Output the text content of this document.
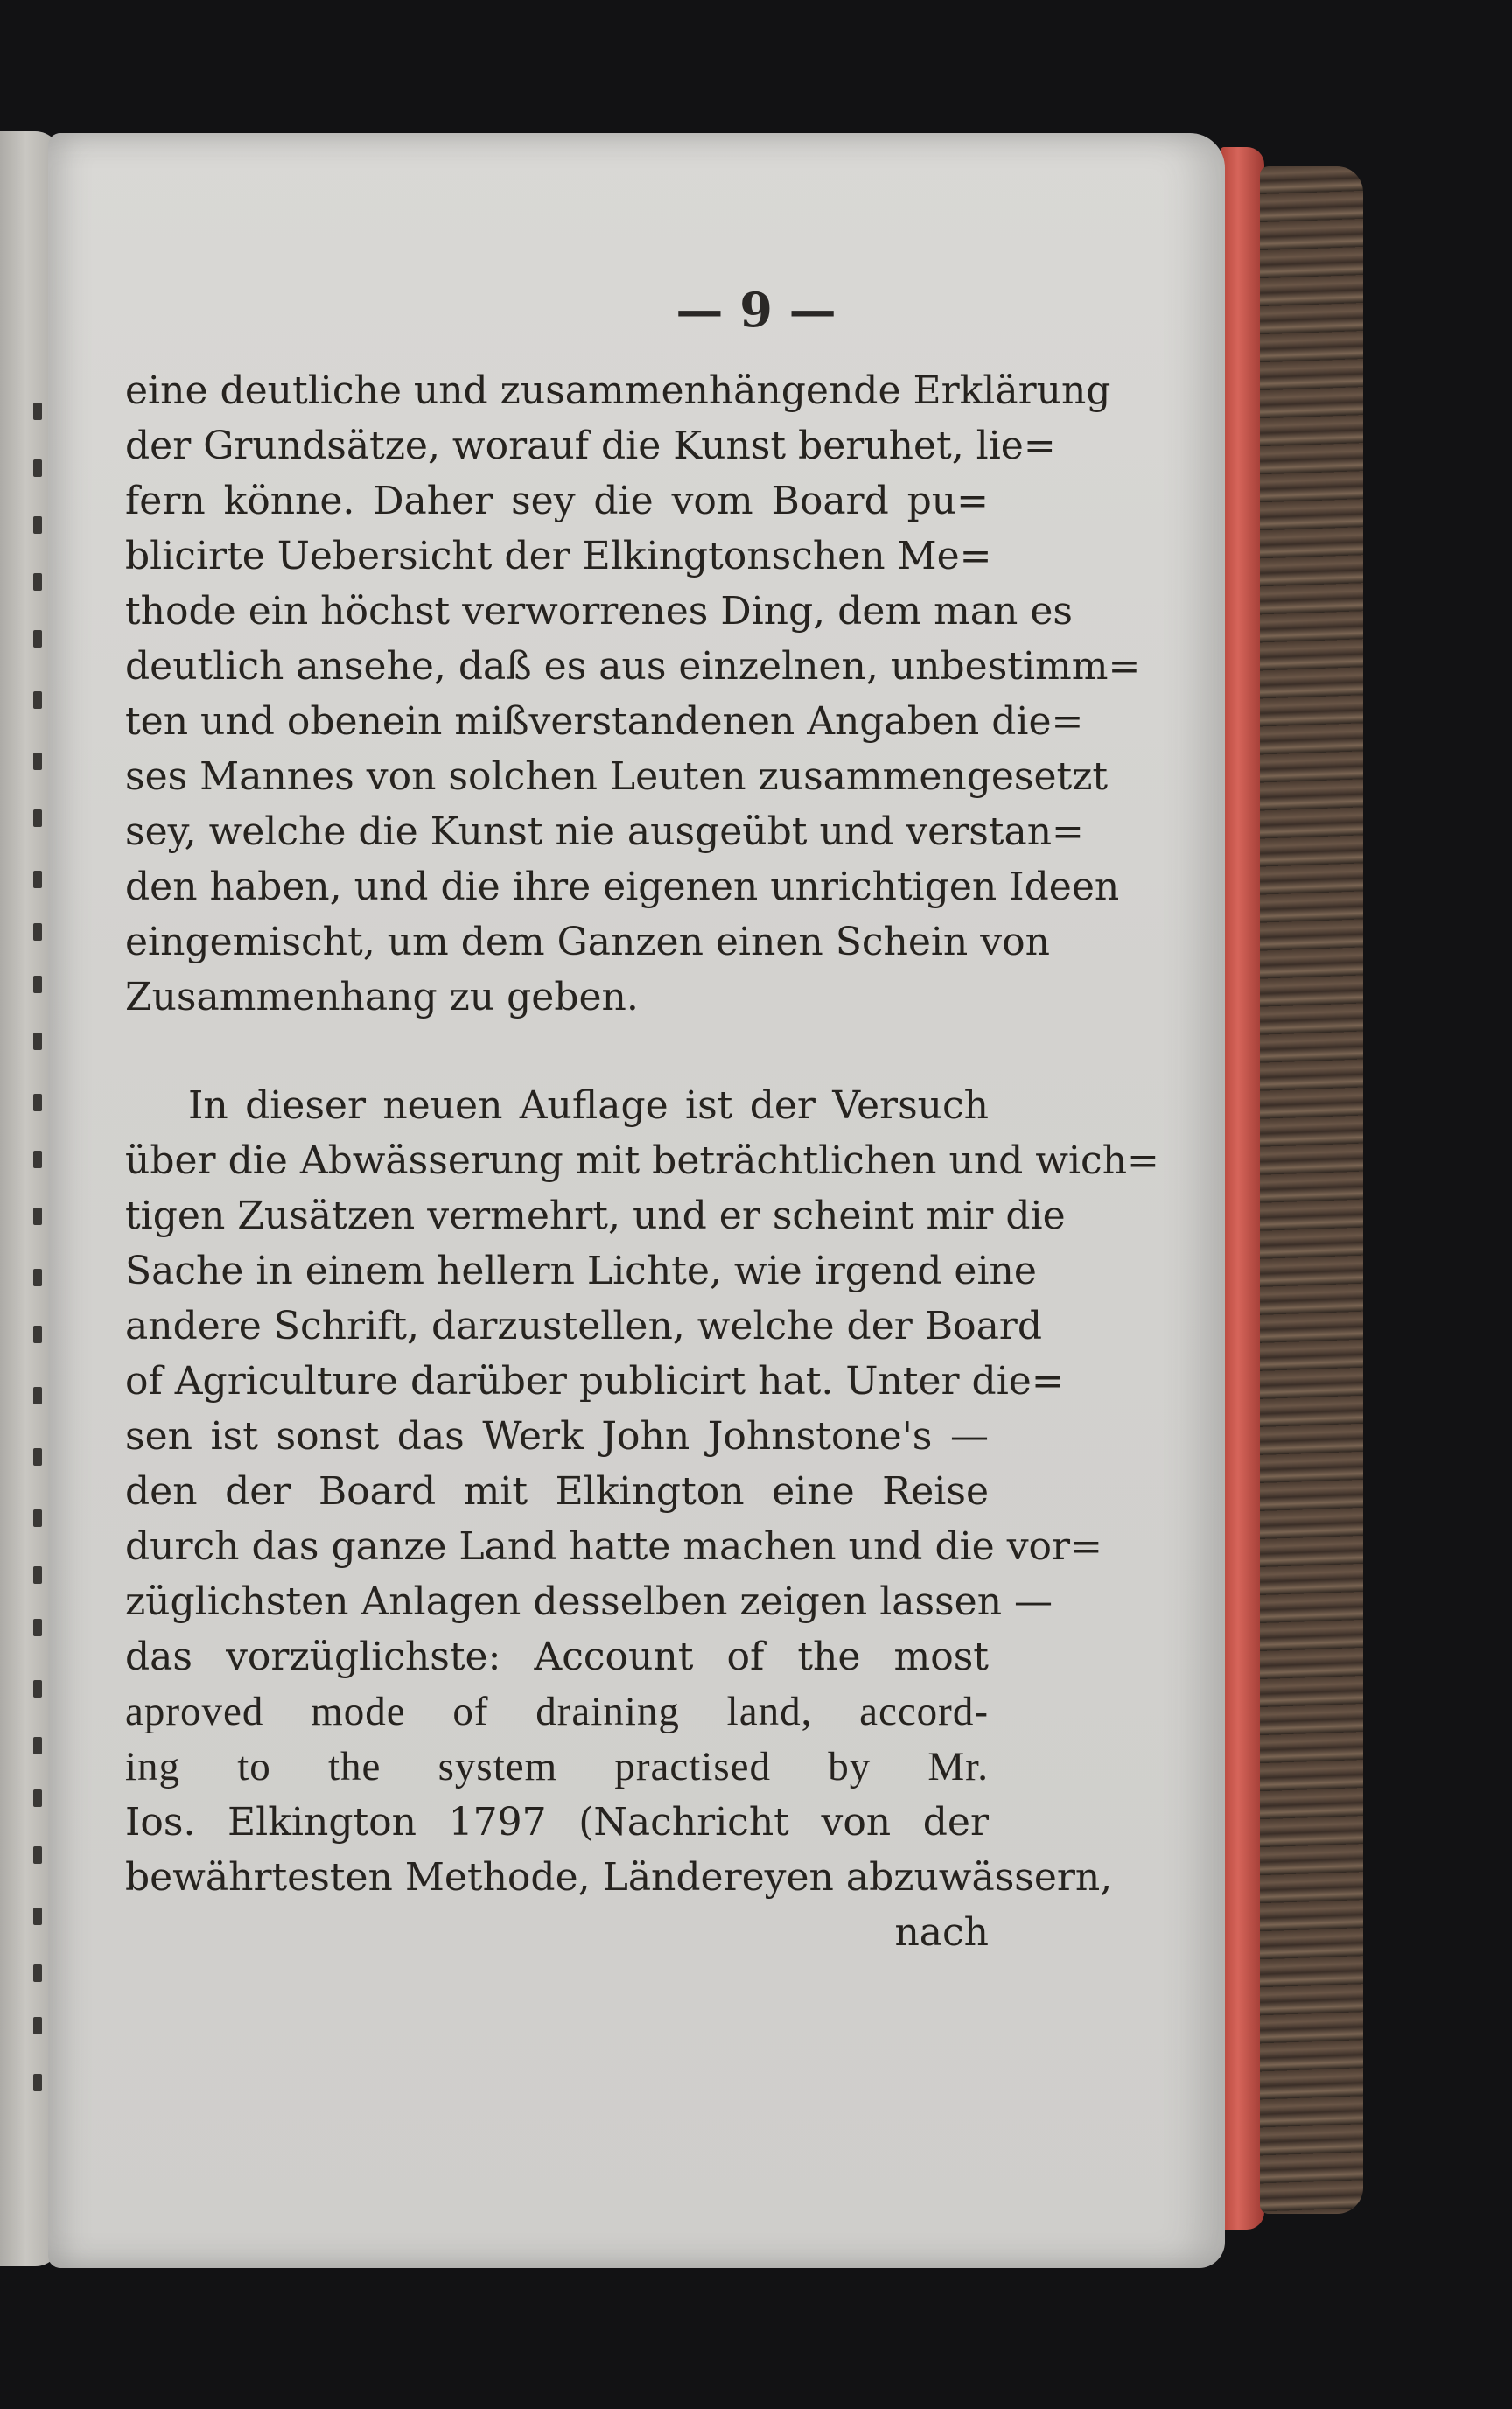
— 9 —
eine deutliche und zusammenhängende Erklärung
der Grundsätze, worauf die Kunst beruhet, lie=
fern könne. Daher sey die vom Board pu=
blicirte Uebersicht der Elkingtonschen Me=
thode ein höchst verworrenes Ding, dem man es
deutlich ansehe, daß es aus einzelnen, unbestimm=
ten und obenein mißverstandenen Angaben die=
ses Mannes von solchen Leuten zusammengesetzt
sey, welche die Kunst nie ausgeübt und verstan=
den haben, und die ihre eigenen unrichtigen Ideen
eingemischt, um dem Ganzen einen Schein von
Zusammenhang zu geben.
In dieser neuen Auflage ist der Versuch
über die Abwässerung mit beträchtlichen und wich=
tigen Zusätzen vermehrt, und er scheint mir die
Sache in einem hellern Lichte, wie irgend eine
andere Schrift, darzustellen, welche der Board
of Agriculture darüber publicirt hat. Unter die=
sen ist sonst das Werk John Johnstone's —
den der Board mit Elkington eine Reise
durch das ganze Land hatte machen und die vor=
züglichsten Anlagen desselben zeigen lassen —
das vorzüglichste: Account of the most
aproved mode of draining land, accord-
ing to the system practised by Mr.
Ios. Elkington 1797 (Nachricht von der
bewährtesten Methode, Ländereyen abzuwässern,
nach
